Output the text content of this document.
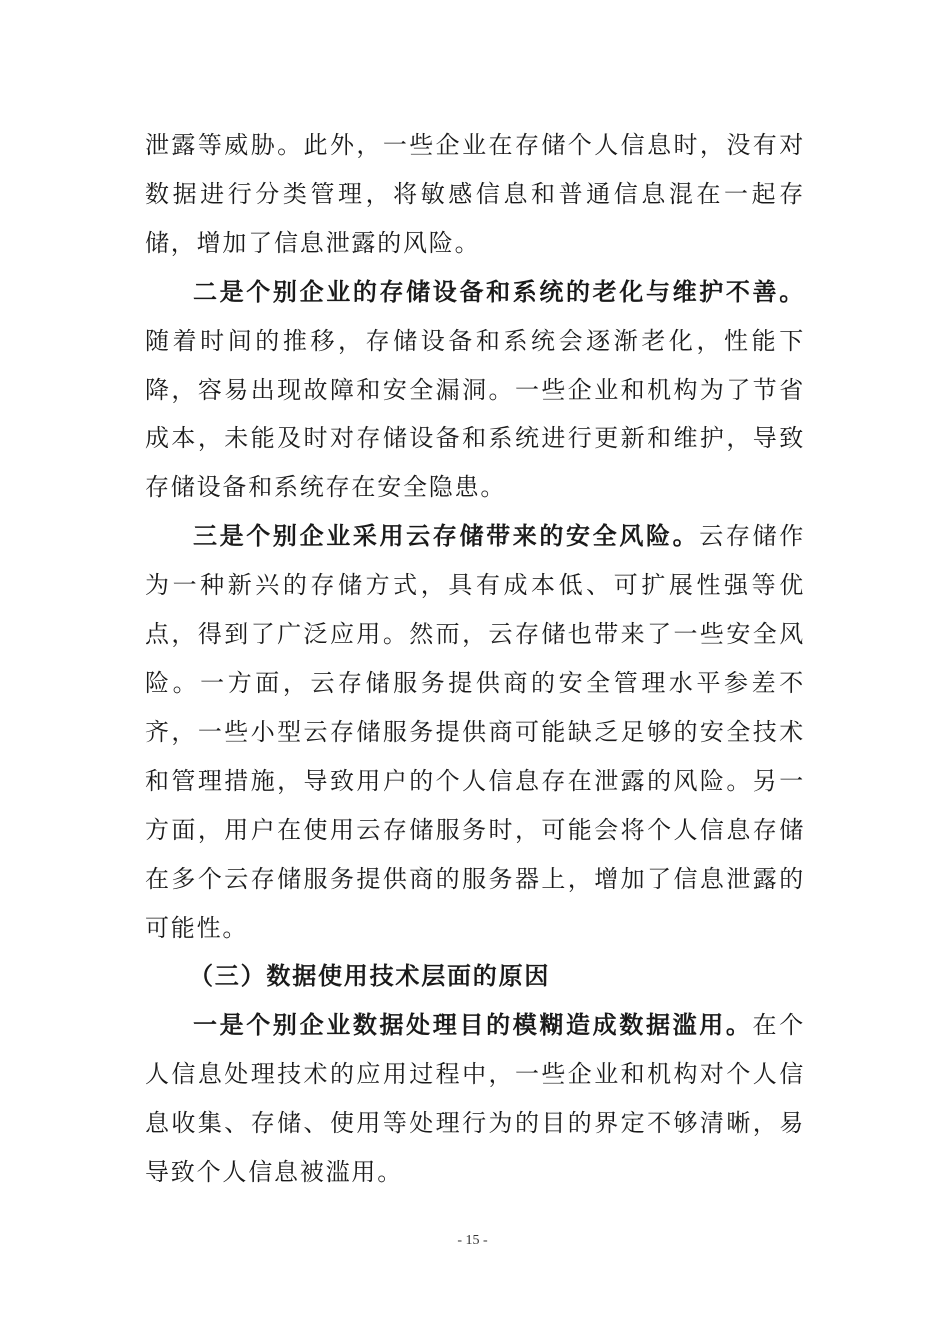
泄露等威胁。此外，一些企业在存储个人信息时，没有对数据进行分类管理，将敏感信息和普通信息混在一起存储，增加了信息泄露的风险。

二是个别企业的存储设备和系统的老化与维护不善。随着时间的推移，存储设备和系统会逐渐老化，性能下降，容易出现故障和安全漏洞。一些企业和机构为了节省成本，未能及时对存储设备和系统进行更新和维护，导致存储设备和系统存在安全隐患。

三是个别企业采用云存储带来的安全风险。云存储作为一种新兴的存储方式，具有成本低、可扩展性强等优点，得到了广泛应用。然而，云存储也带来了一些安全风险。一方面，云存储服务提供商的安全管理水平参差不齐，一些小型云存储服务提供商可能缺乏足够的安全技术和管理措施，导致用户的个人信息存在泄露的风险。另一方面，用户在使用云存储服务时，可能会将个人信息存储在多个云存储服务提供商的服务器上，增加了信息泄露的可能性。

（三）数据使用技术层面的原因

一是个别企业数据处理目的模糊造成数据滥用。在个人信息处理技术的应用过程中，一些企业和机构对个人信息收集、存储、使用等处理行为的目的界定不够清晰，易导致个人信息被滥用。

- 15 -
